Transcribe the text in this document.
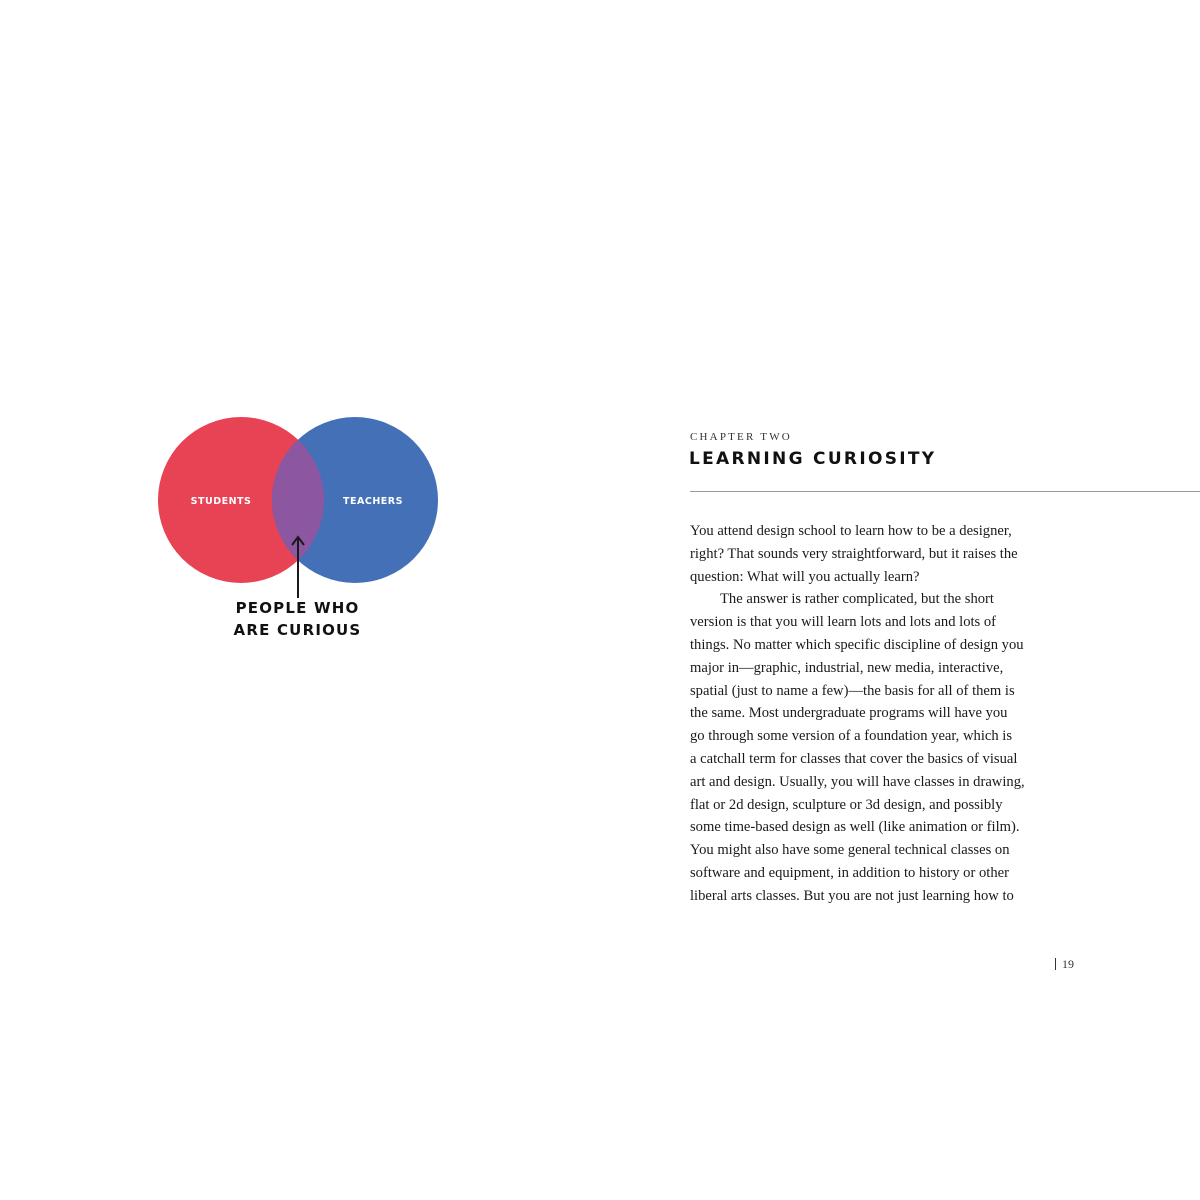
STUDENTS	TEACHERS
PEOPLE WHO
ARE CURIOUS
CHAPTER TWO
LEARNING CURIOSITY
You attend design school to learn how to be a designer,
right? That sounds very straightforward, but it raises the
question: What will you actually learn?
The answer is rather complicated, but the short
version is that you will learn lots and lots and lots of
things. No matter which specific discipline of design you
major in—graphic, industrial, new media, interactive,
spatial (just to name a few)—the basis for all of them is
the same. Most undergraduate programs will have you
go through some version of a foundation year, which is
a catchall term for classes that cover the basics of visual
art and design. Usually, you will have classes in drawing,
flat or 2d design, sculpture or 3d design, and possibly
some time-based design as well (like animation or film).
You might also have some general technical classes on
software and equipment, in addition to history or other
liberal arts classes. But you are not just learning how to
19
